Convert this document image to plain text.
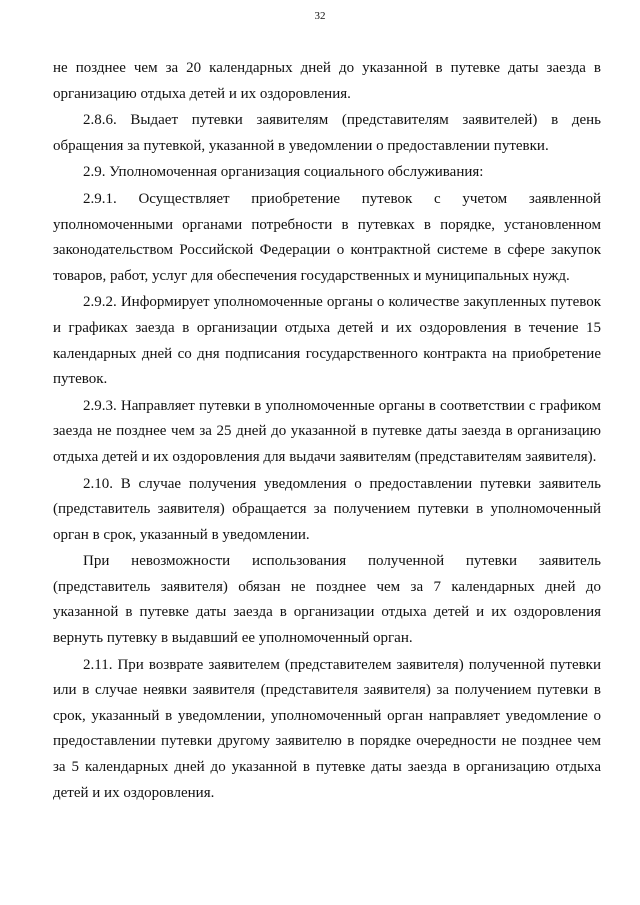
32

не позднее чем за 20 календарных дней до указанной в путевке даты заезда в организацию отдыха детей и их оздоровления.

2.8.6. Выдает путевки заявителям (представителям заявителей) в день обращения за путевкой, указанной в уведомлении о предоставлении путевки.

2.9. Уполномоченная организация социального обслуживания:

2.9.1. Осуществляет приобретение путевок с учетом заявленной уполномоченными органами потребности в путевках в порядке, установленном законодательством Российской Федерации о контрактной системе в сфере закупок товаров, работ, услуг для обеспечения государственных и муниципальных нужд.

2.9.2. Информирует уполномоченные органы о количестве закупленных путевок и графиках заезда в организации отдыха детей и их оздоровления в течение 15 календарных дней со дня подписания государственного контракта на приобретение путевок.

2.9.3. Направляет путевки в уполномоченные органы в соответствии с графиком заезда не позднее чем за 25 дней до указанной в путевке даты заезда в организацию отдыха детей и их оздоровления для выдачи заявителям (представителям заявителя).

2.10. В случае получения уведомления о предоставлении путевки заявитель (представитель заявителя) обращается за получением путевки в уполномоченный орган в срок, указанный в уведомлении.

При невозможности использования полученной путевки заявитель (представитель заявителя) обязан не позднее чем за 7 календарных дней до указанной в путевке даты заезда в организации отдыха детей и их оздоровления вернуть путевку в выдавший ее уполномоченный орган.

2.11. При возврате заявителем (представителем заявителя) полученной путевки или в случае неявки заявителя (представителя заявителя) за получением путевки в срок, указанный в уведомлении, уполномоченный орган направляет уведомление о предоставлении путевки другому заявителю в порядке очередности не позднее чем за 5 календарных дней до указанной в путевке даты заезда в организацию отдыха детей и их оздоровления.
